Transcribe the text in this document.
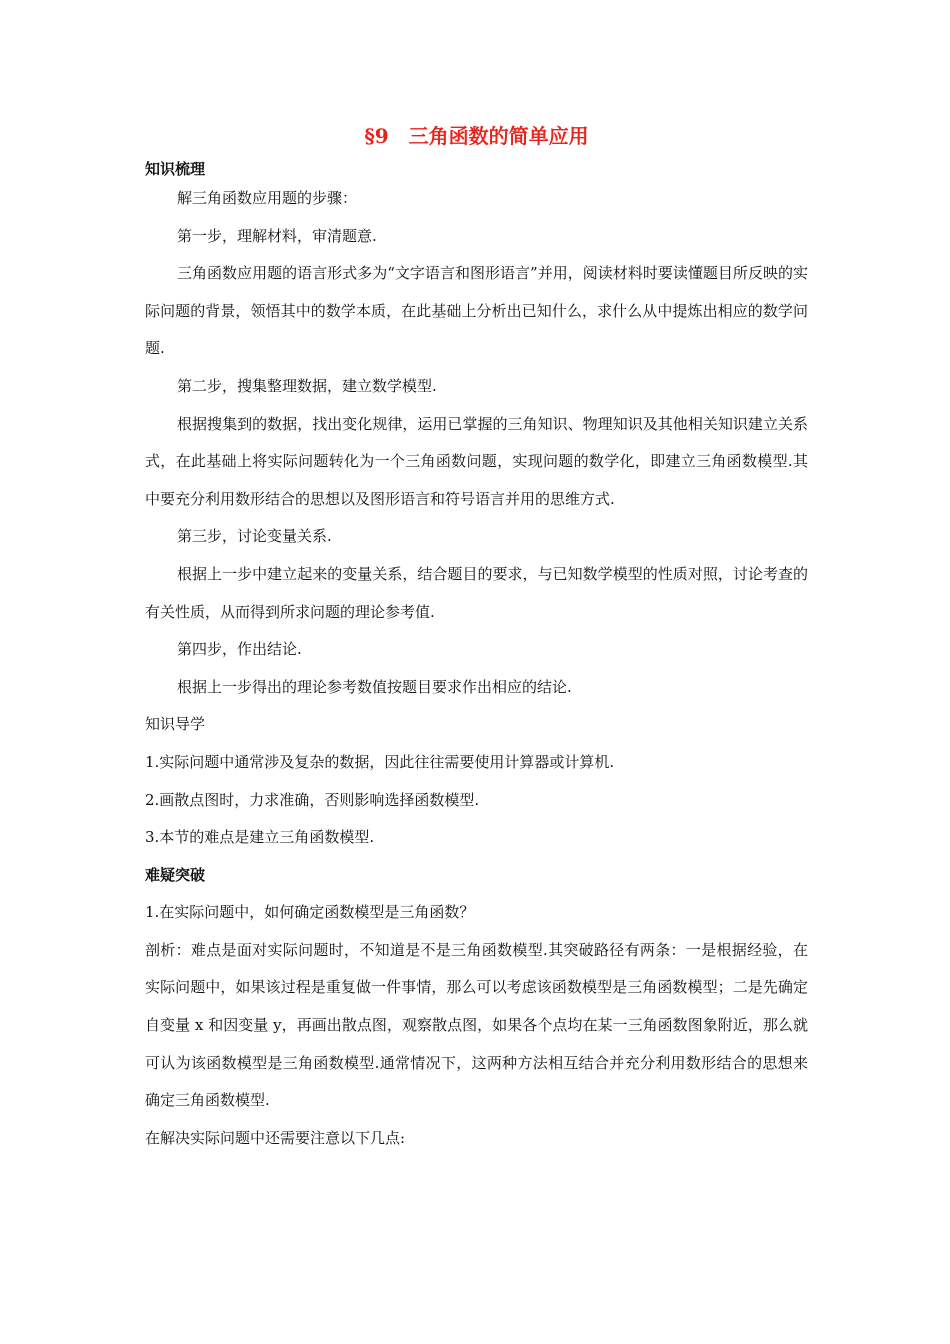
§9　三角函数的简单应用
知识梳理

解三角函数应用题的步骤：

第一步，理解材料，审清题意.

三角函数应用题的语言形式多为“文字语言和图形语言”并用，阅读材料时要读懂题目所反映的实际问题的背景，领悟其中的数学本质，在此基础上分析出已知什么，求什么从中提炼出相应的数学问题.

第二步，搜集整理数据，建立数学模型.

根据搜集到的数据，找出变化规律，运用已掌握的三角知识、物理知识及其他相关知识建立关系式，在此基础上将实际问题转化为一个三角函数问题，实现问题的数学化，即建立三角函数模型.其中要充分利用数形结合的思想以及图形语言和符号语言并用的思维方式.

第三步，讨论变量关系.

根据上一步中建立起来的变量关系，结合题目的要求，与已知数学模型的性质对照，讨论考查的有关性质，从而得到所求问题的理论参考值.

第四步，作出结论.

根据上一步得出的理论参考数值按题目要求作出相应的结论.

知识导学

1.实际问题中通常涉及复杂的数据，因此往往需要使用计算器或计算机.

2.画散点图时，力求准确，否则影响选择函数模型.

3.本节的难点是建立三角函数模型.

难疑突破

1.在实际问题中，如何确定函数模型是三角函数？

剖析：难点是面对实际问题时，不知道是不是三角函数模型.其突破路径有两条：一是根据经验，在实际问题中，如果该过程是重复做一件事情，那么可以考虑该函数模型是三角函数模型；二是先确定自变量 x 和因变量 y，再画出散点图，观察散点图，如果各个点均在某一三角函数图象附近，那么就可认为该函数模型是三角函数模型.通常情况下，这两种方法相互结合并充分利用数形结合的思想来确定三角函数模型.

在解决实际问题中还需要注意以下几点:
